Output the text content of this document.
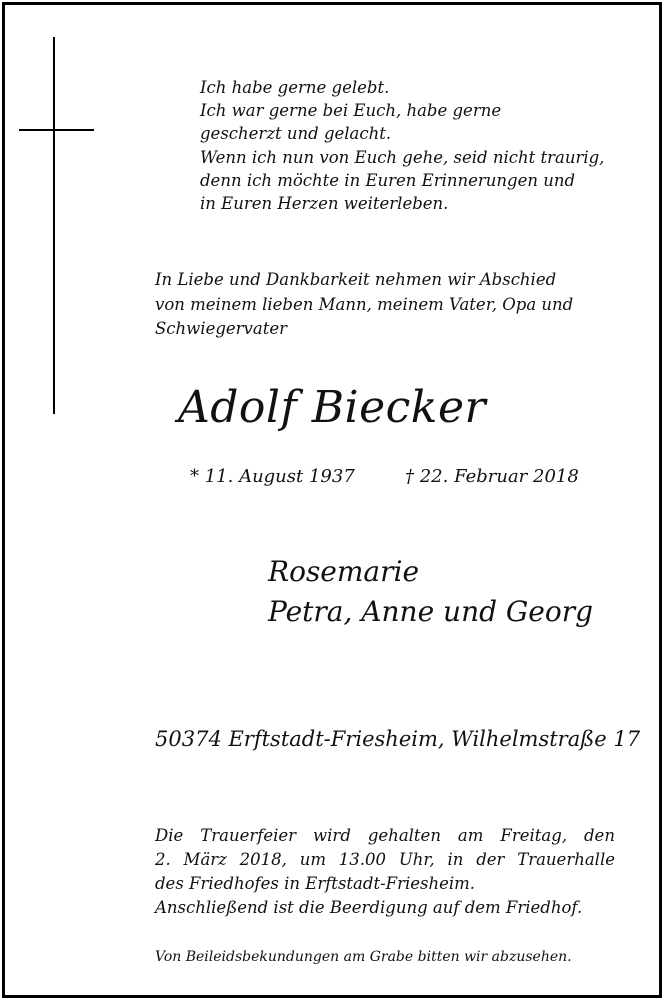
Ich habe gerne gelebt.
Ich war gerne bei Euch, habe gerne
gescherzt und gelacht.
Wenn ich nun von Euch gehe, seid nicht traurig,
denn ich möchte in Euren Erinnerungen und
in Euren Herzen weiterleben.
In Liebe und Dankbarkeit nehmen wir Abschied
von meinem lieben Mann, meinem Vater, Opa und
Schwiegervater
Adolf Biecker
* 11. August 1937	† 22. Februar 2018
Rosemarie
Petra, Anne und Georg
50374 Erftstadt-Friesheim, Wilhelmstraße 17
Die Trauerfeier wird gehalten am Freitag, den
2. März 2018, um 13.00 Uhr, in der Trauerhalle
des Friedhofes in Erftstadt-Friesheim.
Anschließend ist die Beerdigung auf dem Friedhof.
Von Beileidsbekundungen am Grabe bitten wir abzusehen.
